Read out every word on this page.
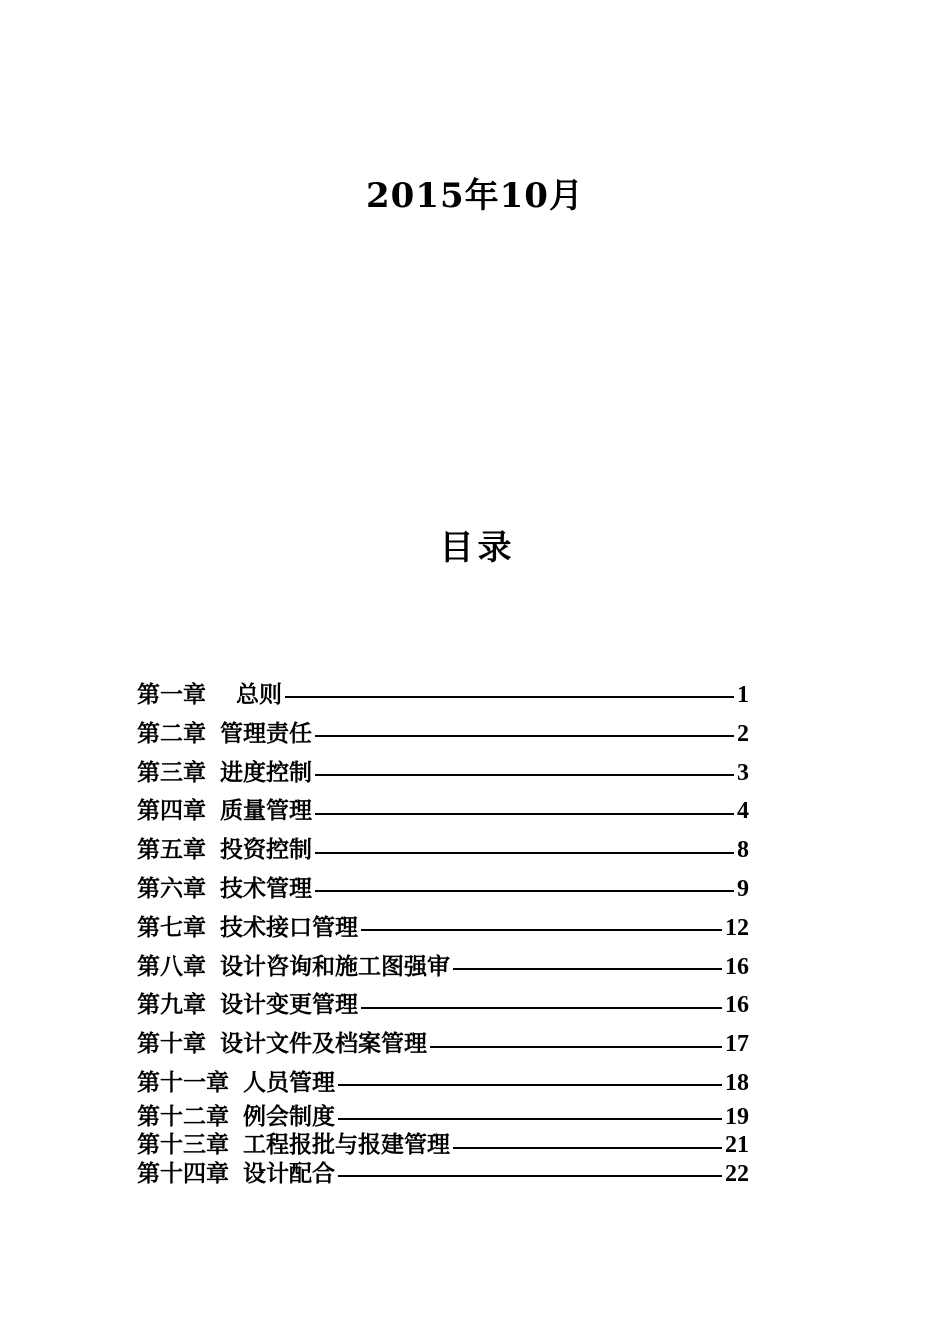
2015年10月
目录
第一章 总则	1
第二章 管理责任	2
第三章 进度控制	3
第四章 质量管理	4
第五章 投资控制	8
第六章 技术管理	9
第七章 技术接口管理	12
第八章 设计咨询和施工图强审	16
第九章 设计变更管理	16
第十章 设计文件及档案管理	17
第十一章 人员管理	18
第十二章 例会制度	19
第十三章 工程报批与报建管理	21
第十四章 设计配合	22
